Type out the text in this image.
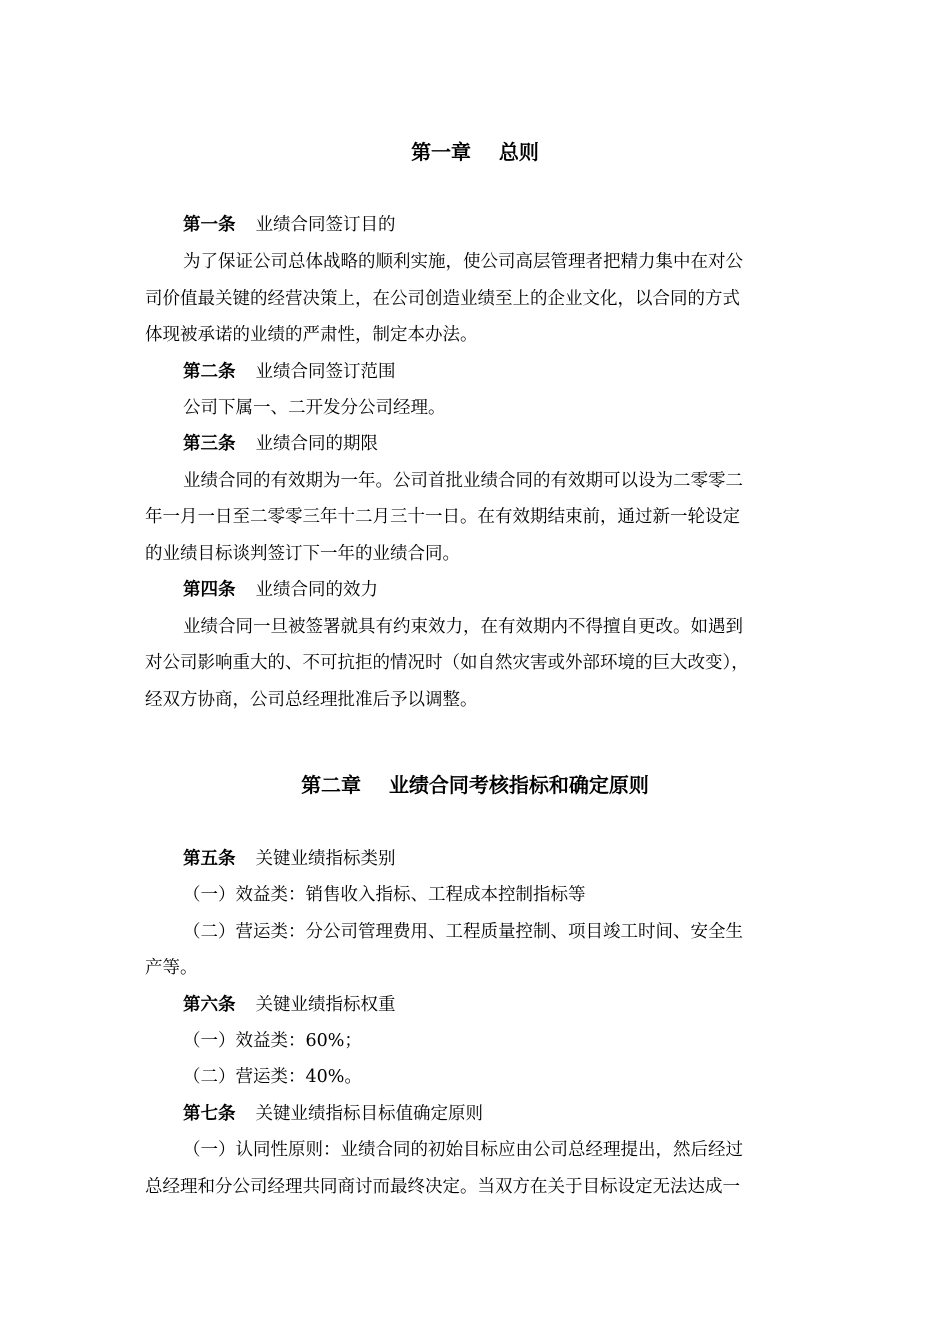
第一章    总则
第一条 业绩合同签订目的
为了保证公司总体战略的顺利实施，使公司高层管理者把精力集中在对公
司价值最关键的经营决策上，在公司创造业绩至上的企业文化，以合同的方式
体现被承诺的业绩的严肃性，制定本办法。
第二条 业绩合同签订范围
公司下属一、二开发分公司经理。
第三条 业绩合同的期限
业绩合同的有效期为一年。公司首批业绩合同的有效期可以设为二零零二
年一月一日至二零零三年十二月三十一日。在有效期结束前，通过新一轮设定
的业绩目标谈判签订下一年的业绩合同。
第四条 业绩合同的效力
业绩合同一旦被签署就具有约束效力，在有效期内不得擅自更改。如遇到
对公司影响重大的、不可抗拒的情况时（如自然灾害或外部环境的巨大改变），
经双方协商，公司总经理批准后予以调整。
第二章    业绩合同考核指标和确定原则
第五条 关键业绩指标类别
（一）效益类：销售收入指标、工程成本控制指标等
（二）营运类：分公司管理费用、工程质量控制、项目竣工时间、安全生
产等。
第六条 关键业绩指标权重
（一）效益类：60%；
（二）营运类：40%。
第七条 关键业绩指标目标值确定原则
（一）认同性原则：业绩合同的初始目标应由公司总经理提出，然后经过
总经理和分公司经理共同商讨而最终决定。当双方在关于目标设定无法达成一
